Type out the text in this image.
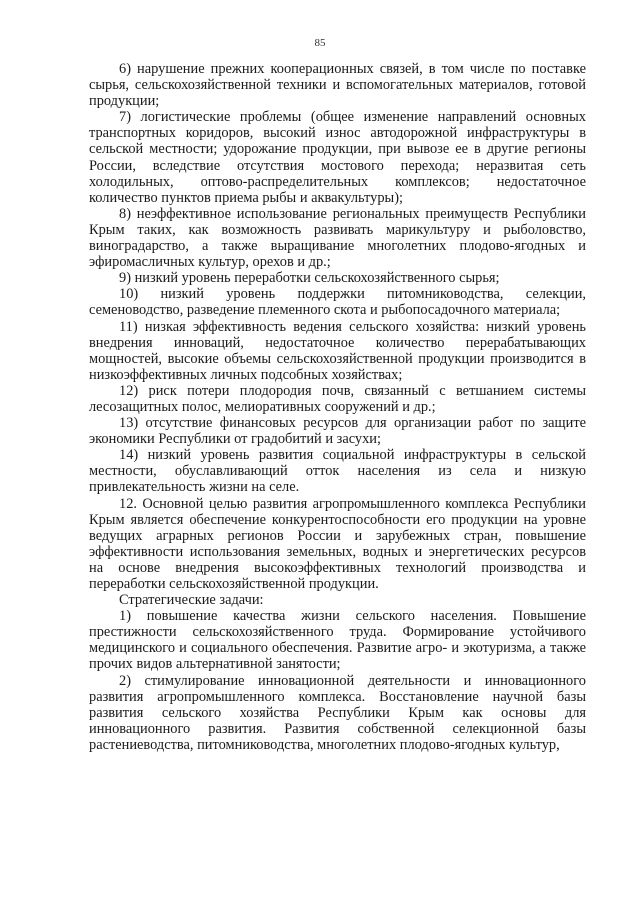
85

6) нарушение прежних кооперационных связей, в том числе по поставке сырья, сельскохозяйственной техники и вспомогательных материалов, готовой продукции;

7) логистические проблемы (общее изменение направлений основных транспортных коридоров, высокий износ автодорожной инфраструктуры в сельской местности; удорожание продукции, при вывозе ее в другие регионы России, вследствие отсутствия мостового перехода; неразвитая сеть холодильных, оптово-распределительных комплексов; недостаточное количество пунктов приема рыбы и аквакультуры);

8) неэффективное использование региональных преимуществ Республики Крым таких, как возможность развивать марикультуру и рыболовство, виноградарство, а также выращивание многолетних плодово-ягодных и эфиромасличных культур, орехов и др.;

9) низкий уровень переработки сельскохозяйственного сырья;

10) низкий уровень поддержки питомниководства, селекции, семеноводство, разведение племенного скота и рыбопосадочного материала;

11) низкая эффективность ведения сельского хозяйства: низкий уровень внедрения инноваций, недостаточное количество перерабатывающих мощностей, высокие объемы сельскохозяйственной продукции производится в низкоэффективных личных подсобных хозяйствах;

12) риск потери плодородия почв, связанный с ветшанием системы лесозащитных полос, мелиоративных сооружений и др.;

13) отсутствие финансовых ресурсов для организации работ по защите экономики Республики от градобитий и засухи;

14) низкий уровень развития социальной инфраструктуры в сельской местности, обуславливающий отток населения из села и низкую привлекательность жизни на селе.

12. Основной целью развития агропромышленного комплекса Республики Крым является обеспечение конкурентоспособности его продукции на уровне ведущих аграрных регионов России и зарубежных стран, повышение эффективности использования земельных, водных и энергетических ресурсов на основе внедрения высокоэффективных технологий производства и переработки сельскохозяйственной продукции.

Стратегические задачи:

1) повышение качества жизни сельского населения. Повышение престижности сельскохозяйственного труда. Формирование устойчивого медицинского и социального обеспечения. Развитие агро- и экотуризма, а также прочих видов альтернативной занятости;

2) стимулирование инновационной деятельности и инновационного развития агропромышленного комплекса. Восстановление научной базы развития сельского хозяйства Республики Крым как основы для инновационного развития. Развития собственной селекционной базы растениеводства, питомниководства, многолетних плодово-ягодных культур,
